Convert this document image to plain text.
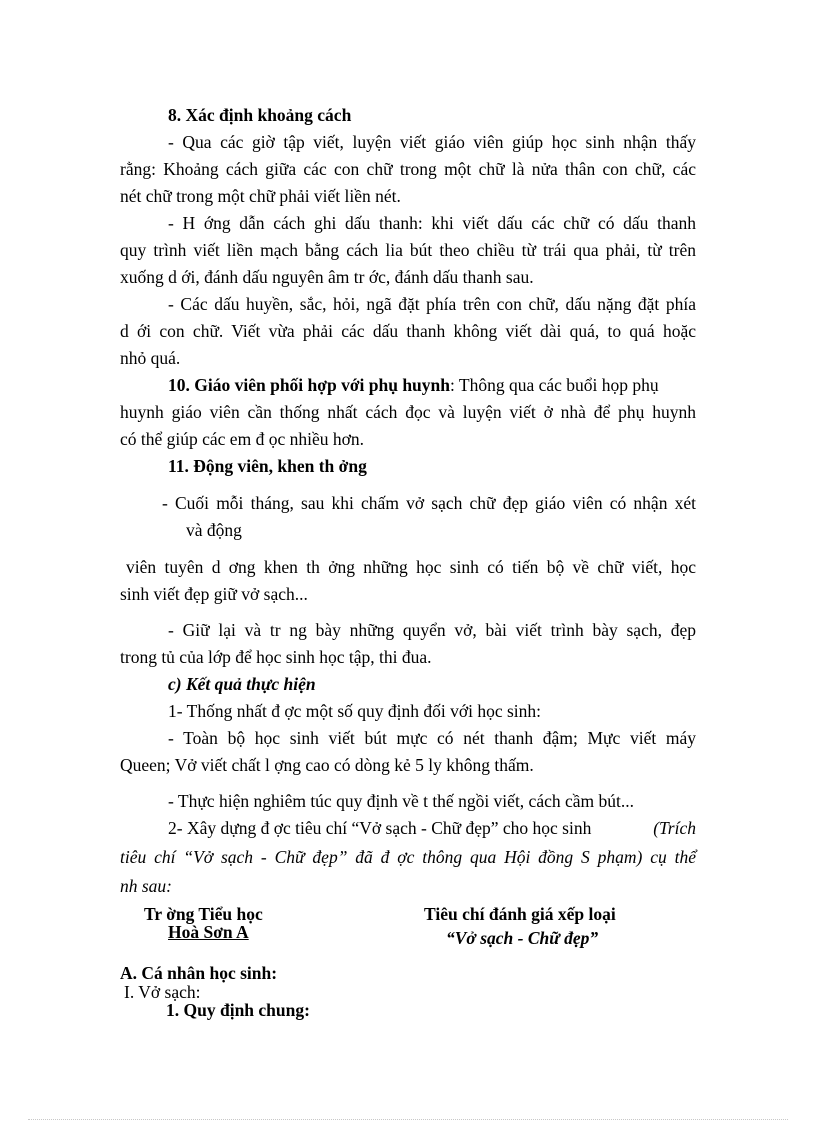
8. Xác định khoảng cách
- Qua các giờ tập viết, luyện viết giáo viên giúp học sinh nhận thấy
rằng: Khoảng cách giữa các con chữ trong một chữ là nửa thân con chữ, các
nét chữ trong một chữ phải viết liền nét.
- H ớng dẫn cách ghi dấu thanh: khi viết dấu các chữ có dấu thanh
quy trình viết liền mạch bằng cách lia bút theo chiều từ trái qua phải, từ trên
xuống d ới, đánh dấu nguyên âm tr ớc, đánh dấu thanh sau.
- Các dấu huyền, sắc, hỏi, ngã đặt phía trên con chữ, dấu nặng đặt phía
d ới con chữ. Viết vừa phải các dấu thanh không viết dài quá, to quá hoặc
nhỏ quá.
10. Giáo viên phối hợp với phụ huynh: Thông qua các buổi họp phụ
huynh giáo viên cần thống nhất cách đọc và luyện viết ở nhà để phụ huynh
có thể giúp các em đ ọc nhiều hơn.
11. Động viên, khen th ởng
- Cuối mỗi tháng, sau khi chấm vở sạch chữ đẹp giáo viên có nhận xét
và động
viên tuyên d ơng khen th ởng những học sinh có tiến bộ về chữ viết, học
sinh viết đẹp giữ vở sạch...
- Giữ lại và tr ng bày những quyển vở, bài viết trình bày sạch, đẹp
trong tủ của lớp để học sinh học tập, thi đua.
c) Kết quả thực hiện
1- Thống nhất đ ợc một số quy định đối với học sinh:
- Toàn bộ học sinh viết bút mực có nét thanh đậm; Mực viết máy
Queen; Vở viết chất l ợng cao có dòng kẻ 5 ly không thấm.
- Thực hiện nghiêm túc quy định về t thế ngồi viết, cách cầm bút...
2- Xây dựng đ ợc tiêu chí “Vở sạch - Chữ đẹp” cho học sinh	(Trích
tiêu chí “Vở sạch - Chữ đẹp” đã đ ợc thông qua Hội đồng S phạm) cụ thể
nh sau:
Tr ờng Tiểu học
Hoà Sơn A
Tiêu chí đánh giá xếp loại
“Vở sạch - Chữ đẹp”
A. Cá nhân học sinh:
I. Vở sạch:
1. Quy định chung:
